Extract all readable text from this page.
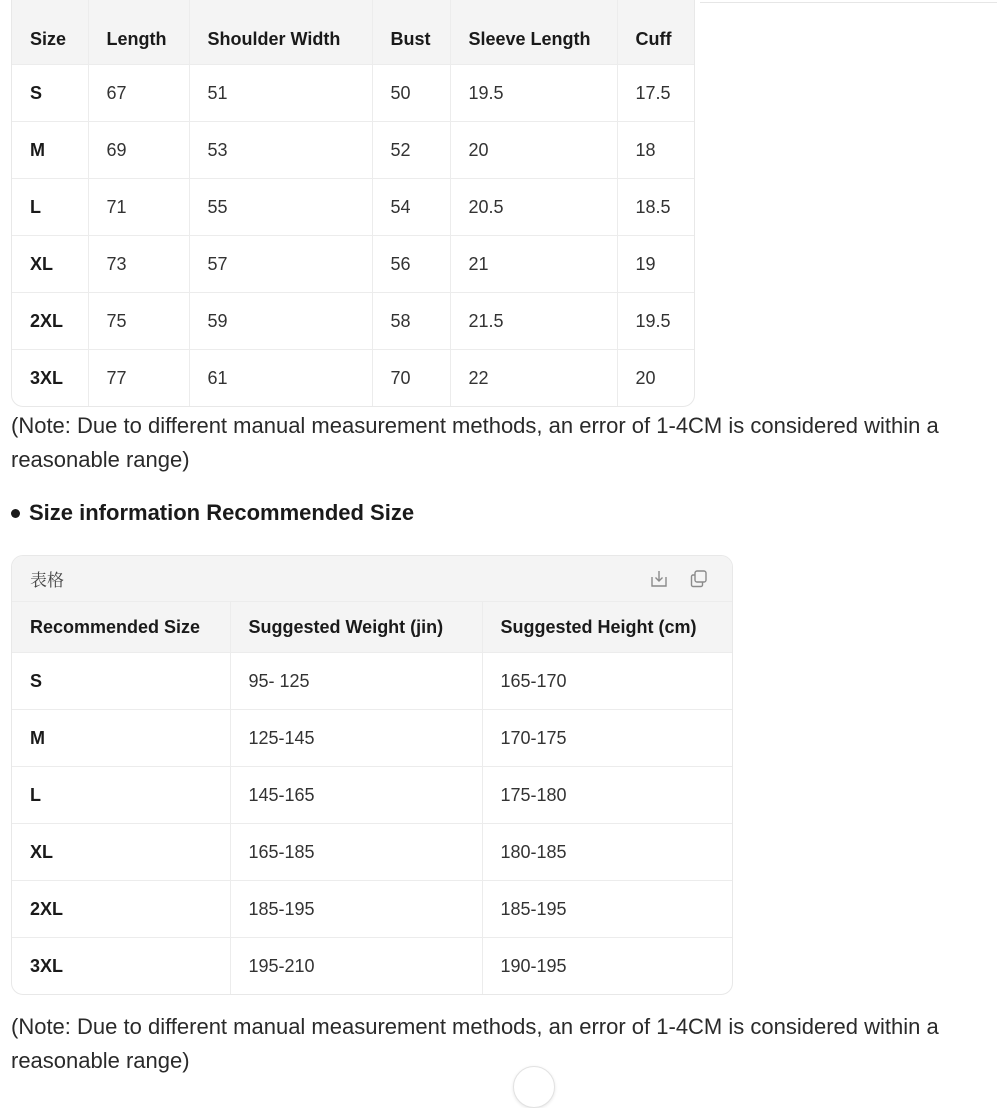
Size	Length	Shoulder Width	Bust	Sleeve Length	Cuff
S	67	51	50	19.5	17.5
M	69	53	52	20	18
L	71	55	54	20.5	18.5
XL	73	57	56	21	19
2XL	75	59	58	21.5	19.5
3XL	77	61	70	22	20
(Note: Due to different manual measurement methods, an error of 1-4CM is considered within a reasonable range)
Size information Recommended Size
表格
Recommended Size	Suggested Weight (jin)	Suggested Height (cm)
S	95- 125	165-170
M	125-145	170-175
L	145-165	175-180
XL	165-185	180-185
2XL	185-195	185-195
3XL	195-210	190-195
(Note: Due to different manual measurement methods, an error of 1-4CM is considered within a reasonable range)
